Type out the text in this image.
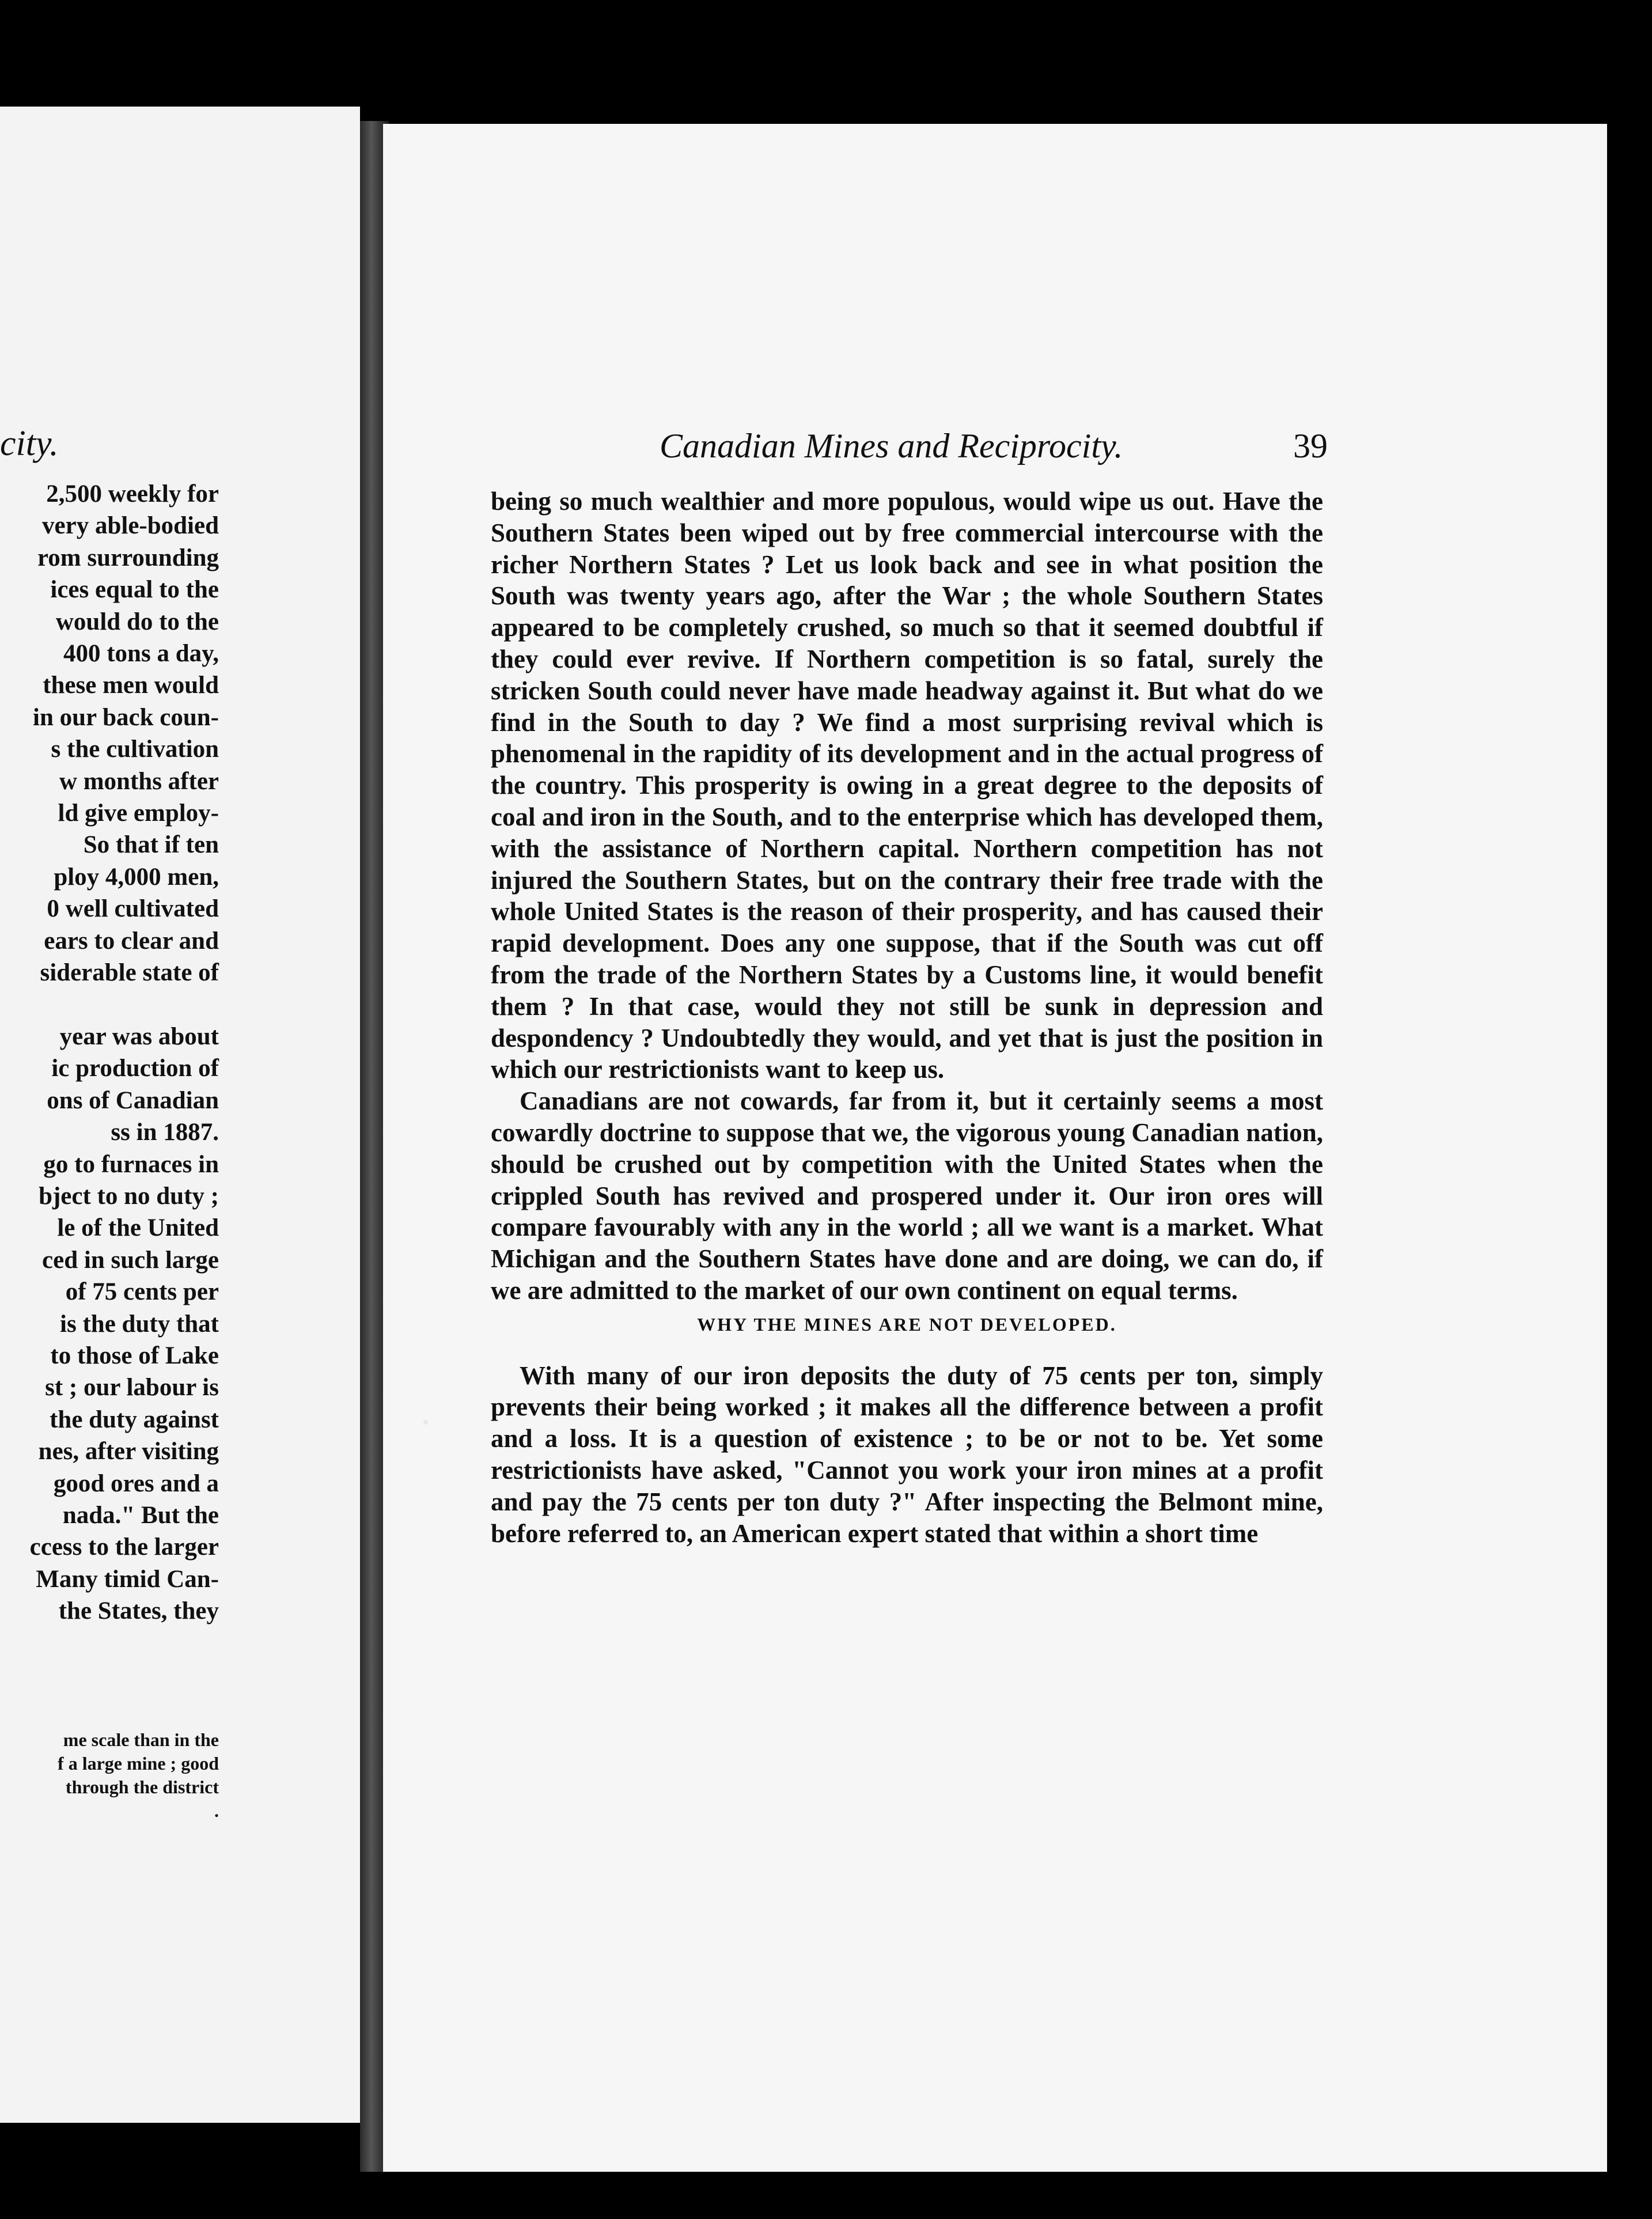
city.
2,500 weekly for
very able-bodied
rom surrounding
ices equal to the
would do to the
400 tons a day,
these men would
in our back coun-
s the cultivation
w months after
ld give employ-
So that if ten
ploy 4,000 men,
0 well cultivated
ears to clear and
siderable state of

year was about
ic production of
ons of Canadian
ss in 1887.
go to furnaces in
bject to no duty ;
le of the United
ced in such large
of 75 cents per
is the duty that
to those of Lake
st ; our labour is
the duty against
nes, after visiting
good ores and a
nada." But the
ccess to the larger
Many timid Can-
the States, they
me scale than in the
f a large mine ; good
through the district
.
Canadian Mines and Reciprocity.	39

being so much wealthier and more populous, would wipe us out. Have the Southern States been wiped out by free commercial intercourse with the richer Northern States ? Let us look back and see in what position the South was twenty years ago, after the War ; the whole Southern States appeared to be completely crushed, so much so that it seemed doubtful if they could ever revive. If Northern competition is so fatal, surely the stricken South could never have made headway against it. But what do we find in the South to day ? We find a most surprising revival which is phenomenal in the rapidity of its development and in the actual progress of the country. This prosperity is owing in a great degree to the deposits of coal and iron in the South, and to the enterprise which has developed them, with the assistance of Northern capital. Northern competition has not injured the Southern States, but on the contrary their free trade with the whole United States is the reason of their prosperity, and has caused their rapid development. Does any one suppose, that if the South was cut off from the trade of the Northern States by a Customs line, it would benefit them ? In that case, would they not still be sunk in depression and despondency ? Undoubtedly they would, and yet that is just the position in which our restrictionists want to keep us.

Canadians are not cowards, far from it, but it certainly seems a most cowardly doctrine to suppose that we, the vigorous young Canadian nation, should be crushed out by competition with the United States when the crippled South has revived and prospered under it. Our iron ores will compare favourably with any in the world ; all we want is a market. What Michigan and the Southern States have done and are doing, we can do, if we are admitted to the market of our own continent on equal terms.

WHY THE MINES ARE NOT DEVELOPED.

With many of our iron deposits the duty of 75 cents per ton, simply prevents their being worked ; it makes all the difference between a profit and a loss. It is a question of existence ; to be or not to be. Yet some restrictionists have asked, "Cannot you work your iron mines at a profit and pay the 75 cents per ton duty ?" After inspecting the Belmont mine, before referred to, an American expert stated that within a short time
